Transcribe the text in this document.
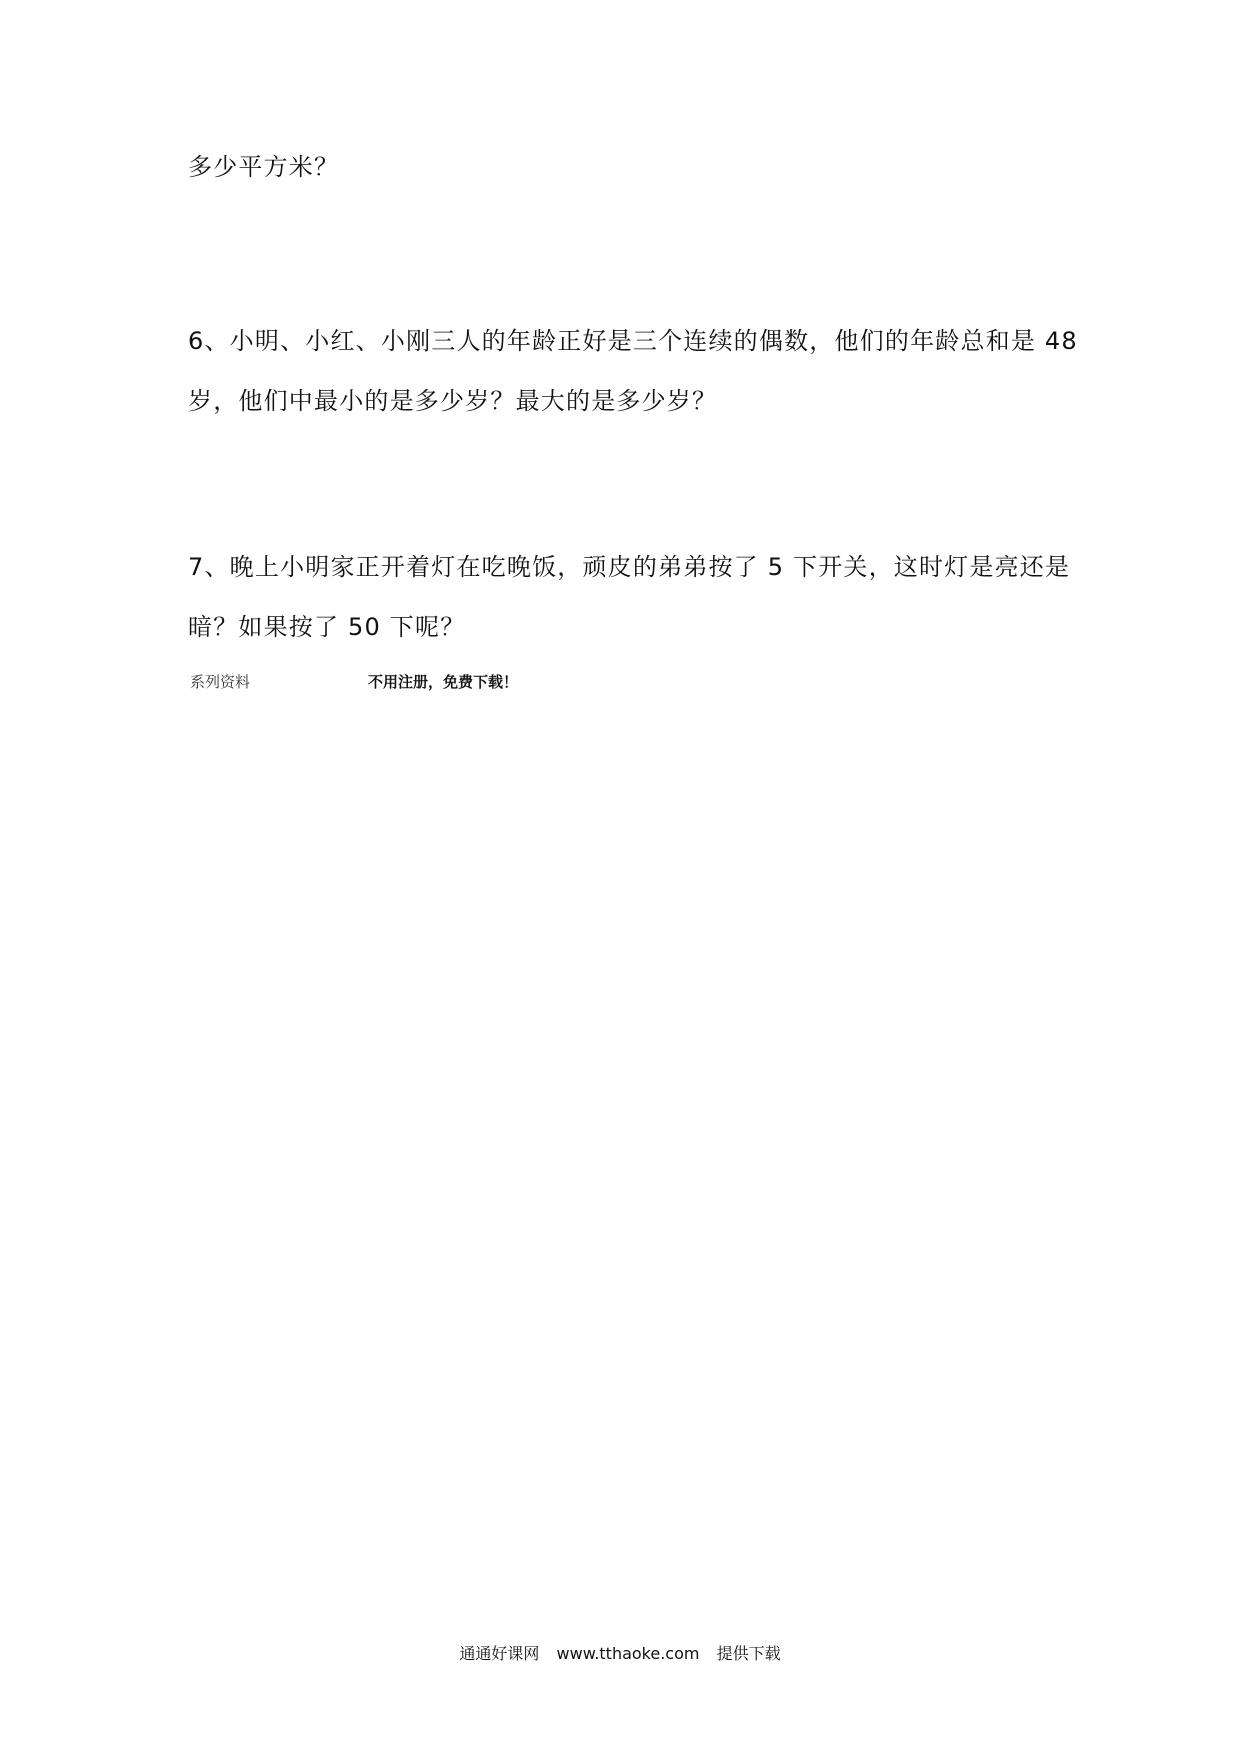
多少平方米？
6、小明、小红、小刚三人的年龄正好是三个连续的偶数，他们的年龄总和是 48
岁，他们中最小的是多少岁？最大的是多少岁？
7、晚上小明家正开着灯在吃晚饭，顽皮的弟弟按了 5 下开关，这时灯是亮还是
暗？如果按了 50 下呢？
系列资料	不用注册，免费下载！
通通好课网 www.tthaoke.com 提供下载
